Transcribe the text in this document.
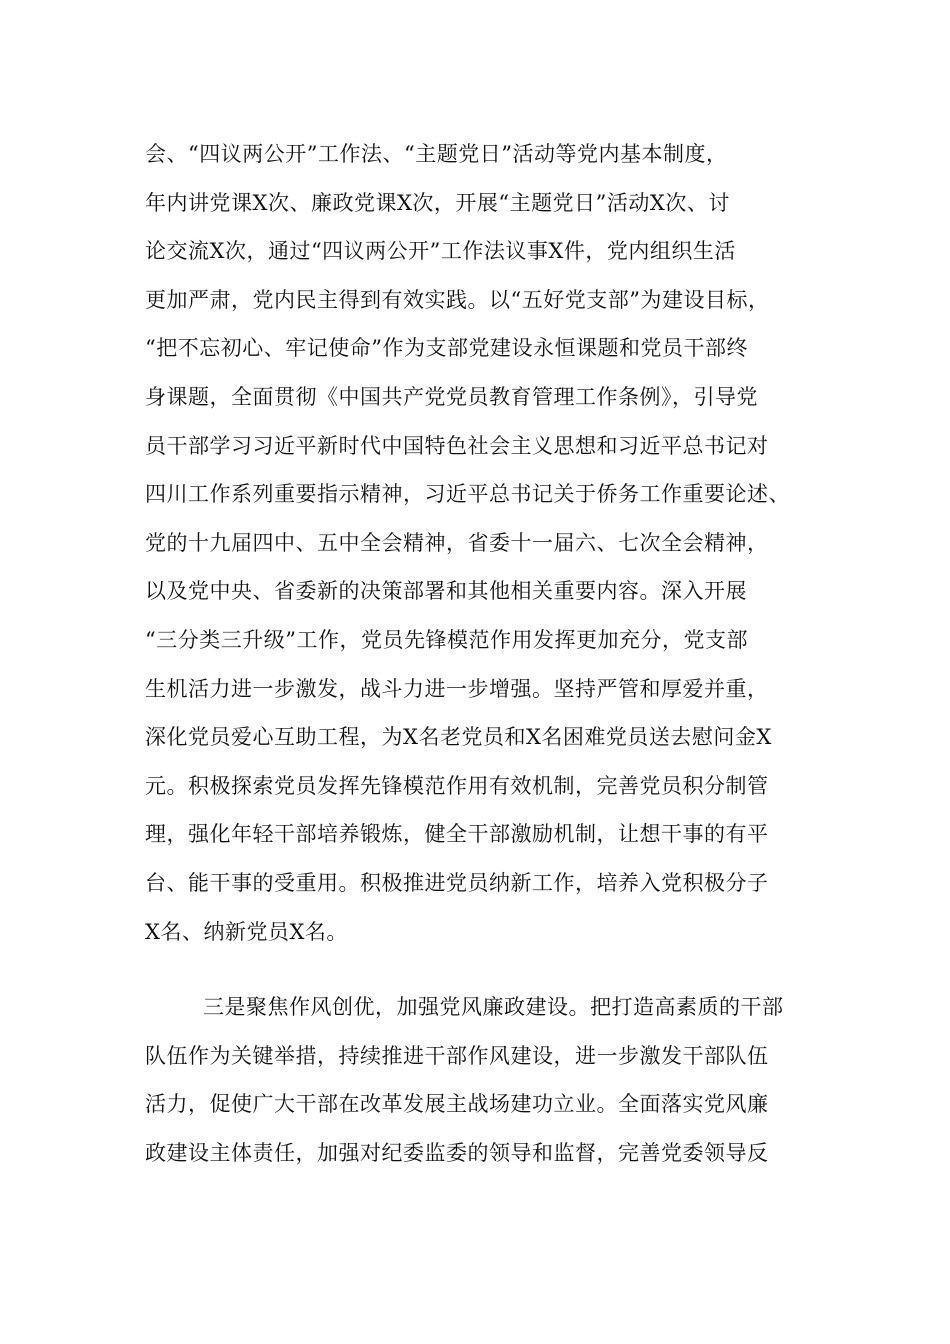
会、“四议两公开”工作法、“主题党日”活动等党内基本制度，
年内讲党课X次、廉政党课X次，开展“主题党日”活动X次、讨
论交流X次，通过“四议两公开”工作法议事X件，党内组织生活
更加严肃，党内民主得到有效实践。以“五好党支部”为建设目标，
“把不忘初心、牢记使命”作为支部党建设永恒课题和党员干部终
身课题，全面贯彻《中国共产党党员教育管理工作条例》，引导党
员干部学习习近平新时代中国特色社会主义思想和习近平总书记对
四川工作系列重要指示精神，习近平总书记关于侨务工作重要论述、
党的十九届四中、五中全会精神，省委十一届六、七次全会精神，
以及党中央、省委新的决策部署和其他相关重要内容。深入开展
“三分类三升级”工作，党员先锋模范作用发挥更加充分，党支部
生机活力进一步激发，战斗力进一步增强。坚持严管和厚爱并重，
深化党员爱心互助工程，为X名老党员和X名困难党员送去慰问金X
元。积极探索党员发挥先锋模范作用有效机制，完善党员积分制管
理，强化年轻干部培养锻炼，健全干部激励机制，让想干事的有平
台、能干事的受重用。积极推进党员纳新工作，培养入党积极分子
X名、纳新党员X名。
三是聚焦作风创优，加强党风廉政建设。把打造高素质的干部
队伍作为关键举措，持续推进干部作风建设，进一步激发干部队伍
活力，促使广大干部在改革发展主战场建功立业。全面落实党风廉
政建设主体责任，加强对纪委监委的领导和监督，完善党委领导反
